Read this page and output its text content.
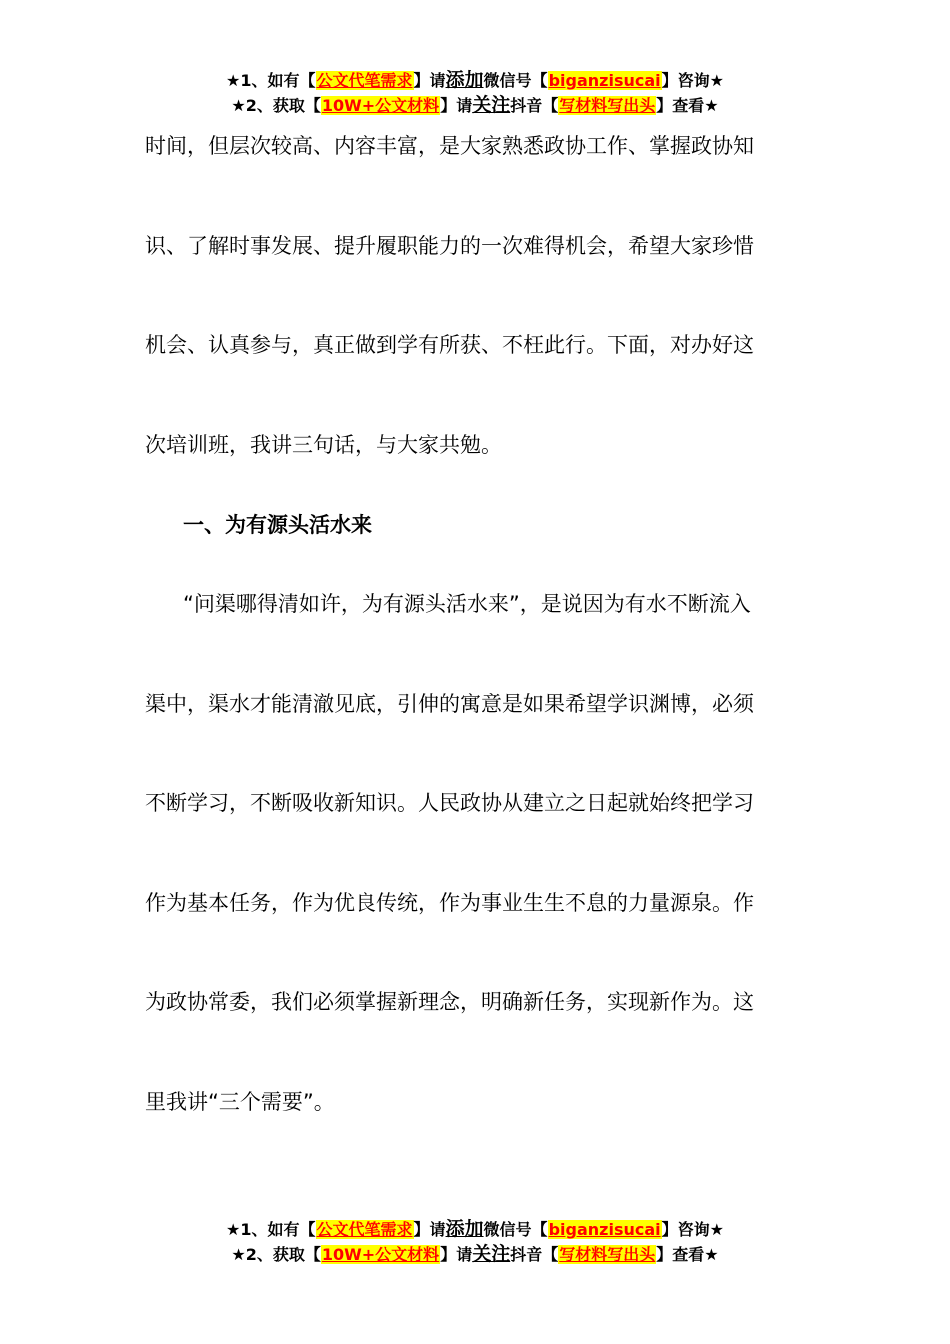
★1、如有【公文代笔需求】请添加微信号【biganzisucai】咨询★
★2、获取【10W+公文材料】请关注抖音【写材料写出头】查看★
时间，但层次较高、内容丰富，是大家熟悉政协工作、掌握政协知
识、了解时事发展、提升履职能力的一次难得机会，希望大家珍惜
机会、认真参与，真正做到学有所获、不枉此行。下面，对办好这
次培训班，我讲三句话，与大家共勉。
一、为有源头活水来
“问渠哪得清如许，为有源头活水来”，是说因为有水不断流入
渠中，渠水才能清澈见底，引伸的寓意是如果希望学识渊博，必须
不断学习，不断吸收新知识。人民政协从建立之日起就始终把学习
作为基本任务，作为优良传统，作为事业生生不息的力量源泉。作
为政协常委，我们必须掌握新理念，明确新任务，实现新作为。这
里我讲“三个需要”。
★1、如有【公文代笔需求】请添加微信号【biganzisucai】咨询★
★2、获取【10W+公文材料】请关注抖音【写材料写出头】查看★
